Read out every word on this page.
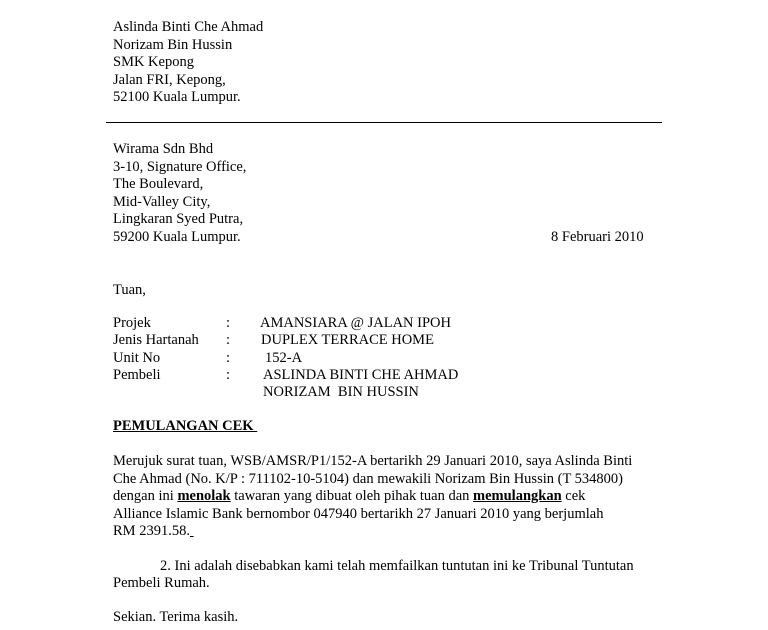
Aslinda Binti Che Ahmad
Norizam Bin Hussin
SMK Kepong
Jalan FRI, Kepong,
52100 Kuala Lumpur.
Wirama Sdn Bhd
3-10, Signature Office,
The Boulevard,
Mid-Valley City,
Lingkaran Syed Putra,
59200 Kuala Lumpur.	8 Februari 2010
Tuan,
Projek	: AMANSIARA @ JALAN IPOH
Jenis Hartanah : DUPLEX TERRACE HOME
Unit No	: 152-A
Pembeli	: ASLINDA BINTI CHE AHMAD
NORIZAM  BIN HUSSIN
PEMULANGAN CEK
Merujuk surat tuan, WSB/AMSR/P1/152-A bertarikh 29 Januari 2010, saya Aslinda Binti
Che Ahmad (No. K/P : 711102-10-5104) dan mewakili Norizam Bin Hussin (T 534800)
dengan ini menolak tawaran yang dibuat oleh pihak tuan dan memulangkan cek
Alliance Islamic Bank bernombor 047940 bertarikh 27 Januari 2010 yang berjumlah
RM 2391.58.
2. Ini adalah disebabkan kami telah memfailkan tuntutan ini ke Tribunal Tuntutan
Pembeli Rumah.
Sekian. Terima kasih.
